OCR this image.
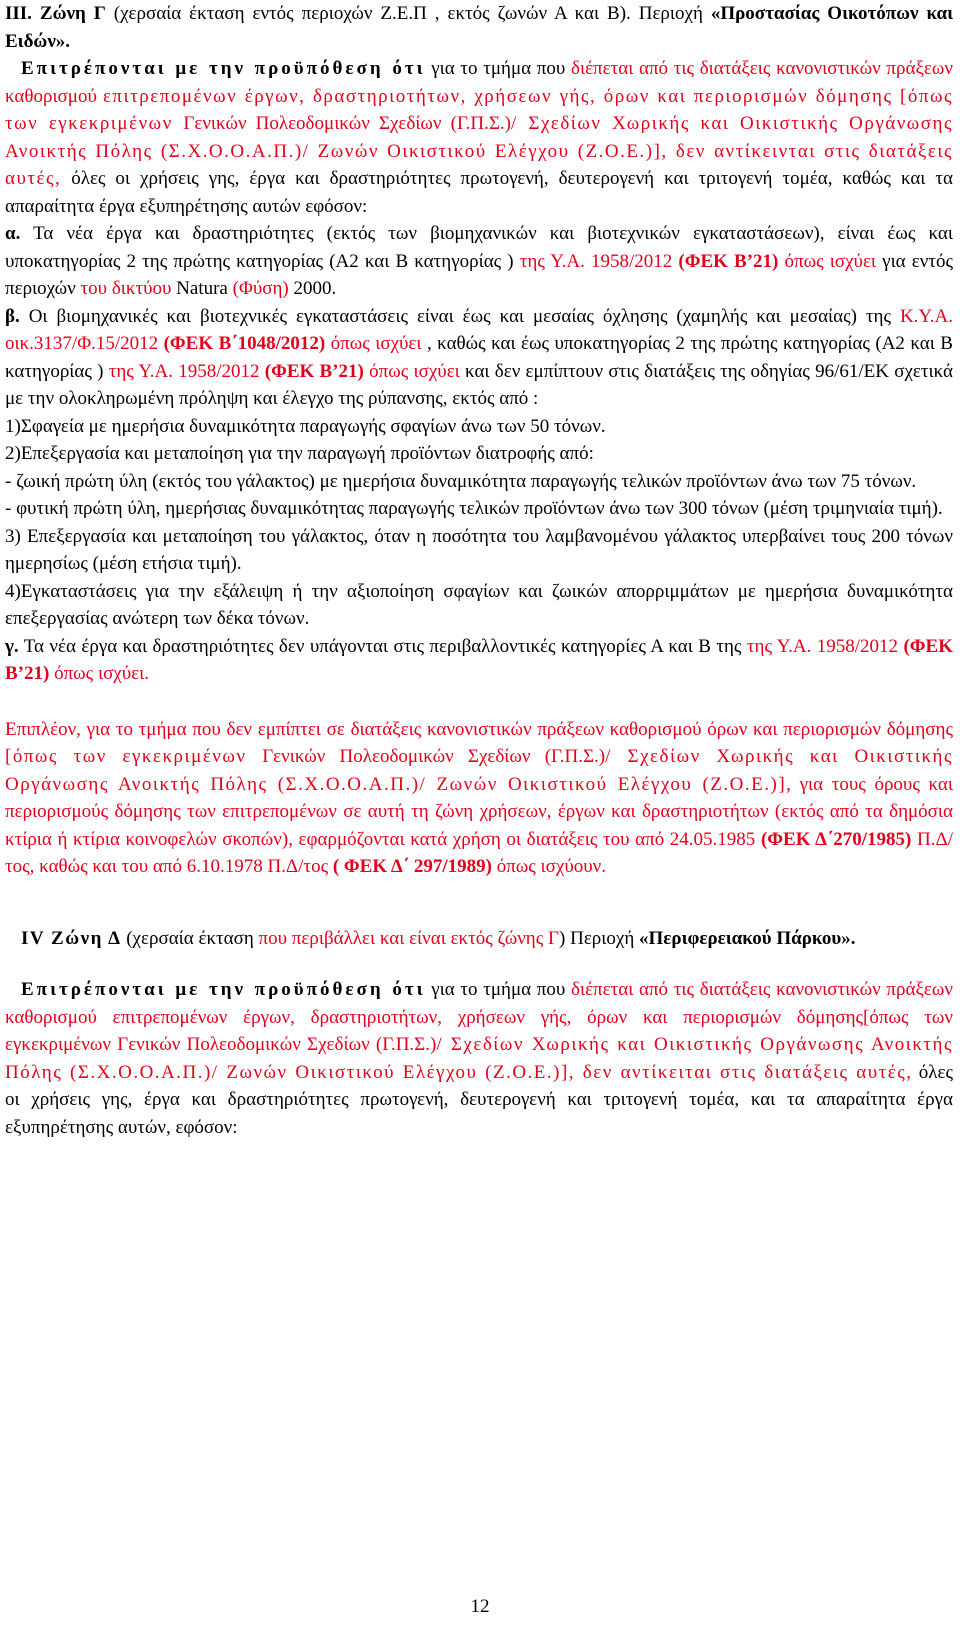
III. Ζώνη Γ (χερσαία έκταση εντός περιοχών Ζ.Ε.Π , εκτός ζωνών Α και Β). Περιοχή «Προστασίας Οικοτόπων και Ειδών».

Επιτρέπονται με την προϋπόθεση ότι για το τμήμα που διέπεται από τις διατάξεις κανονιστικών πράξεων καθορισμού επιτρεπομένων έργων, δραστηριοτήτων, χρήσεων γής, όρων και περιορισμών δόμησης [όπως των εγκεκριμένων Γενικών Πολεοδομικών Σχεδίων (Γ.Π.Σ.)/ Σχεδίων Χωρικής και Οικιστικής Οργάνωσης Ανοικτής Πόλης (Σ.Χ.Ο.Ο.Α.Π.)/ Ζωνών Οικιστικού Ελέγχου (Ζ.Ο.Ε.)], δεν αντίκεινται στις διατάξεις αυτές, όλες οι χρήσεις γης, έργα και δραστηριότητες πρωτογενή, δευτερογενή και τριτογενή τομέα, καθώς και τα απαραίτητα έργα εξυπηρέτησης αυτών εφόσον:

α. Τα νέα έργα και δραστηριότητες (εκτός των βιομηχανικών και βιοτεχνικών εγκαταστάσεων), είναι έως και υποκατηγορίας 2 της πρώτης κατηγορίας (Α2 και Β κατηγορίας ) της Υ.Α. 1958/2012 (ΦΕΚ Β’21) όπως ισχύει για εντός περιοχών του δικτύου Natura (Φύση) 2000.

β. Οι βιομηχανικές και βιοτεχνικές εγκαταστάσεις είναι έως και μεσαίας όχλησης (χαμηλής και μεσαίας) της Κ.Υ.Α. οικ.3137/Φ.15/2012 (ΦΕΚ Β΄1048/2012) όπως ισχύει , καθώς και έως υποκατηγορίας 2 της πρώτης κατηγορίας (Α2 και Β κατηγορίας ) της Υ.Α. 1958/2012 (ΦΕΚ Β’21) όπως ισχύει και δεν εμπίπτουν στις διατάξεις της οδηγίας 96/61/ΕΚ σχετικά με την ολοκληρωμένη πρόληψη και έλεγχο της ρύπανσης, εκτός από :

1)Σφαγεία με ημερήσια δυναμικότητα παραγωγής σφαγίων άνω των 50 τόνων.

2)Επεξεργασία και μεταποίηση για την παραγωγή προϊόντων διατροφής από:

- ζωική πρώτη ύλη (εκτός του γάλακτος) με ημερήσια δυναμικότητα παραγωγής τελικών προϊόντων άνω των 75 τόνων.

- φυτική πρώτη ύλη, ημερήσιας δυναμικότητας παραγωγής τελικών προϊόντων άνω των 300 τόνων (μέση τριμηνιαία τιμή).

3) Επεξεργασία και μεταποίηση του γάλακτος, όταν η ποσότητα του λαμβανομένου γάλακτος υπερβαίνει τους 200 τόνων ημερησίως (μέση ετήσια τιμή).

4)Εγκαταστάσεις για την εξάλειψη ή την αξιοποίηση σφαγίων και ζωικών απορριμμάτων με ημερήσια δυναμικότητα επεξεργασίας ανώτερη των δέκα τόνων.

γ. Τα νέα έργα και δραστηριότητες δεν υπάγονται στις περιβαλλοντικές κατηγορίες Α και Β της της Υ.Α. 1958/2012 (ΦΕΚ Β’21) όπως ισχύει.

Επιπλέον, για το τμήμα που δεν εμπίπτει σε διατάξεις κανονιστικών πράξεων καθορισμού όρων και περιορισμών δόμησης [όπως των εγκεκριμένων Γενικών Πολεοδομικών Σχεδίων (Γ.Π.Σ.)/ Σχεδίων Χωρικής και Οικιστικής Οργάνωσης Ανοικτής Πόλης (Σ.Χ.Ο.Ο.Α.Π.)/ Ζωνών Οικιστικού Ελέγχου (Ζ.Ο.Ε.)], για τους όρους και περιορισμούς δόμησης των επιτρεπομένων σε αυτή τη ζώνη χρήσεων, έργων και δραστηριοτήτων (εκτός από τα δημόσια κτίρια ή κτίρια κοινοφελών σκοπών), εφαρμόζονται κατά χρήση οι διατάξεις του από 24.05.1985 (ΦΕΚ Δ΄270/1985) Π.Δ/τος, καθώς και του από 6.10.1978 Π.Δ/τος ( ΦΕΚ Δ΄ 297/1989) όπως ισχύουν.

IV Ζώνη Δ (χερσαία έκταση που περιβάλλει και είναι εκτός ζώνης Γ) Περιοχή «Περιφερειακού Πάρκου».

Επιτρέπονται με την προϋπόθεση ότι για το τμήμα που διέπεται από τις διατάξεις κανονιστικών πράξεων καθορισμού επιτρεπομένων έργων, δραστηριοτήτων, χρήσεων γής, όρων και περιορισμών δόμησης[όπως των εγκεκριμένων Γενικών Πολεοδομικών Σχεδίων (Γ.Π.Σ.)/ Σχεδίων Χωρικής και Οικιστικής Οργάνωσης Ανοικτής Πόλης (Σ.Χ.Ο.Ο.Α.Π.)/ Ζωνών Οικιστικού Ελέγχου (Ζ.Ο.Ε.)], δεν αντίκειται στις διατάξεις αυτές, όλες οι χρήσεις γης, έργα και δραστηριότητες πρωτογενή, δευτερογενή και τριτογενή τομέα, και τα απαραίτητα έργα εξυπηρέτησης αυτών, εφόσον:

12
